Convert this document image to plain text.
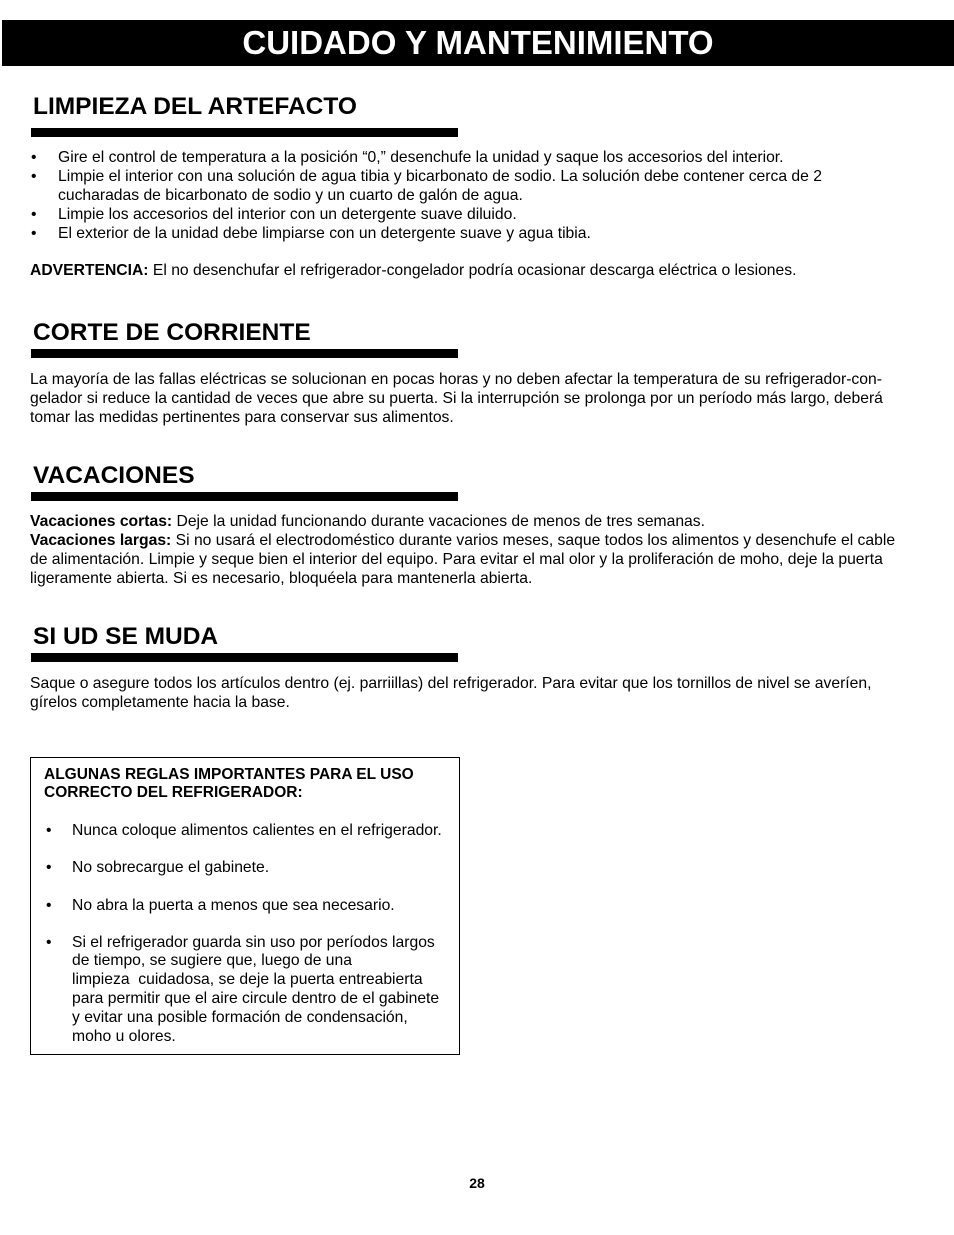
CUIDADO Y MANTENIMIENTO
LIMPIEZA DEL ARTEFACTO
• Gire el control de temperatura a la posición “0,” desenchufe la unidad y saque los accesorios del interior.
• Limpie el interior con una solución de agua tibia y bicarbonato de sodio. La solución debe contener cerca de 2
cucharadas de bicarbonato de sodio y un cuarto de galón de agua.
• Limpie los accesorios del interior con un detergente suave diluido.
• El exterior de la unidad debe limpiarse con un detergente suave y agua tibia.
ADVERTENCIA: El no desenchufar el refrigerador-congelador podría ocasionar descarga eléctrica o lesiones.
CORTE DE CORRIENTE
La mayoría de las fallas eléctricas se solucionan en pocas horas y no deben afectar la temperatura de su refrigerador-con-
gelador si reduce la cantidad de veces que abre su puerta. Si la interrupción se prolonga por un período más largo, deberá
tomar las medidas pertinentes para conservar sus alimentos.
VACACIONES
Vacaciones cortas: Deje la unidad funcionando durante vacaciones de menos de tres semanas.
Vacaciones largas: Si no usará el electrodoméstico durante varios meses, saque todos los alimentos y desenchufe el cable
de alimentación. Limpie y seque bien el interior del equipo. Para evitar el mal olor y la proliferación de moho, deje la puerta
ligeramente abierta. Si es necesario, bloquéela para mantenerla abierta.
SI UD SE MUDA
Saque o asegure todos los artículos dentro (ej. parriillas) del refrigerador. Para evitar que los tornillos de nivel se averíen,
gírelos completamente hacia la base.
ALGUNAS REGLAS IMPORTANTES PARA EL USO
CORRECTO DEL REFRIGERADOR:
• Nunca coloque alimentos calientes en el refrigerador.
• No sobrecargue el gabinete.
• No abra la puerta a menos que sea necesario.
• Si el refrigerador guarda sin uso por períodos largos
de tiempo, se sugiere que, luego de una
limpieza  cuidadosa, se deje la puerta entreabierta
para permitir que el aire circule dentro de el gabinete
y evitar una posible formación de condensación,
moho u olores.
28
